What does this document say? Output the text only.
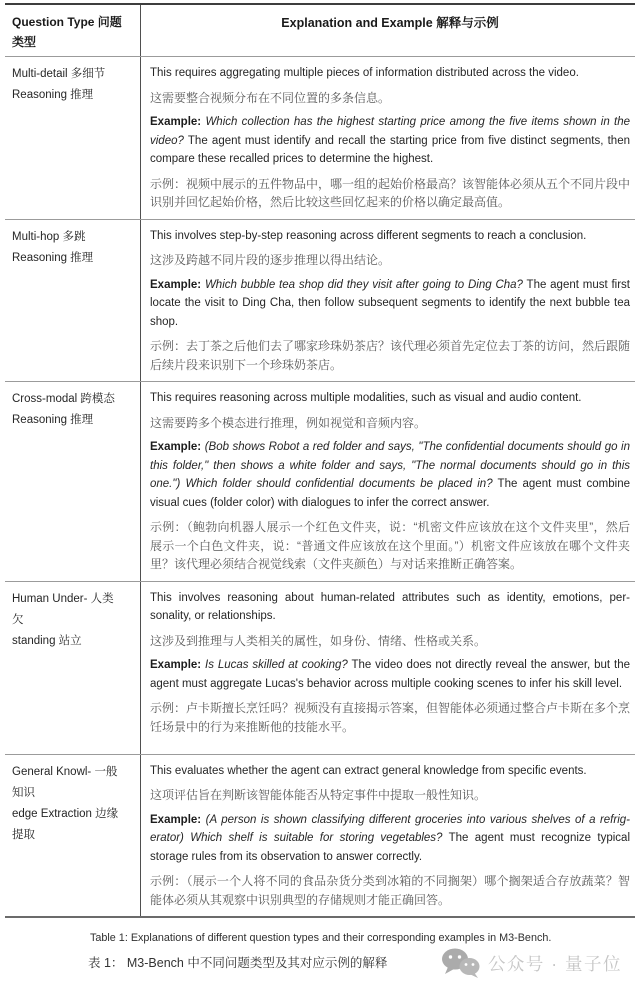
Question Type 问题类型
Explanation and Example 解释与示例
Multi-detail 多细节
Reasoning 推理

This requires aggregating multiple pieces of information distributed across the video.

这需要整合视频分布在不同位置的多条信息。

Example: Which collection has the highest starting price among the five items shown in the video? The agent must identify and recall the starting price from five distinct segments, then compare these recalled prices to determine the highest.

示例：视频中展示的五件物品中，哪一组的起始价格最高？该智能体必须从五个不同片段中识别并回忆起始价格，然后比较这些回忆起来的价格以确定最高值。

Multi-hop 多跳
Reasoning 推理

This involves step-by-step reasoning across different segments to reach a conclusion.

这涉及跨越不同片段的逐步推理以得出结论。

Example: Which bubble tea shop did they visit after going to Ding Cha? The agent must first locate the visit to Ding Cha, then follow subsequent segments to identify the next bubble tea shop.

示例：去丁茶之后他们去了哪家珍珠奶茶店？该代理必须首先定位去丁茶的访问，然后跟随后续片段来识别下一个珍珠奶茶店。

Cross-modal 跨模态
Reasoning 推理

This requires reasoning across multiple modalities, such as visual and audio content.

这需要跨多个模态进行推理，例如视觉和音频内容。

Example: (Bob shows Robot a red folder and says, "The confidential documents should go in this folder," then shows a white folder and says, "The normal documents should go in this one.") Which folder should confidential documents be placed in? The agent must combine visual cues (folder color) with dialogues to infer the correct answer.

示例：（鲍勃向机器人展示一个红色文件夹，说：“机密文件应该放在这个文件夹里”，然后展示一个白色文件夹，说：“普通文件应该放在这个里面。”）机密文件应该放在哪个文件夹里？该代理必须结合视觉线索（文件夹颜色）与对话来推断正确答案。

Human Under- 人类
欠
standing 站立

This involves reasoning about human-related attributes such as identity, emotions, per-sonality, or relationships.

这涉及到推理与人类相关的属性，如身份、情绪、性格或关系。

Example: Is Lucas skilled at cooking? The video does not directly reveal the answer, but the agent must aggregate Lucas's behavior across multiple cooking scenes to infer his skill level.

示例：卢卡斯擅长烹饪吗？视频没有直接揭示答案，但智能体必须通过整合卢卡斯在多个烹饪场景中的行为来推断他的技能水平。

General Knowl- 一般
知识
edge Extraction 边缘
提取

This evaluates whether the agent can extract general knowledge from specific events.

这项评估旨在判断该智能体能否从特定事件中提取一般性知识。

Example: (A person is shown classifying different groceries into various shelves of a refrig-erator) Which shelf is suitable for storing vegetables? The agent must recognize typical storage rules from its observation to answer correctly.

示例：（展示一个人将不同的食品杂货分类到冰箱的不同搁架）哪个搁架适合存放蔬菜？智能体必须从其观察中识别典型的存储规则才能正确回答。

Table 1: Explanations of different question types and their corresponding examples in M3-Bench.
表 1： M3-Bench 中不同问题类型及其对应示例的解释	公众号 · 量子位
